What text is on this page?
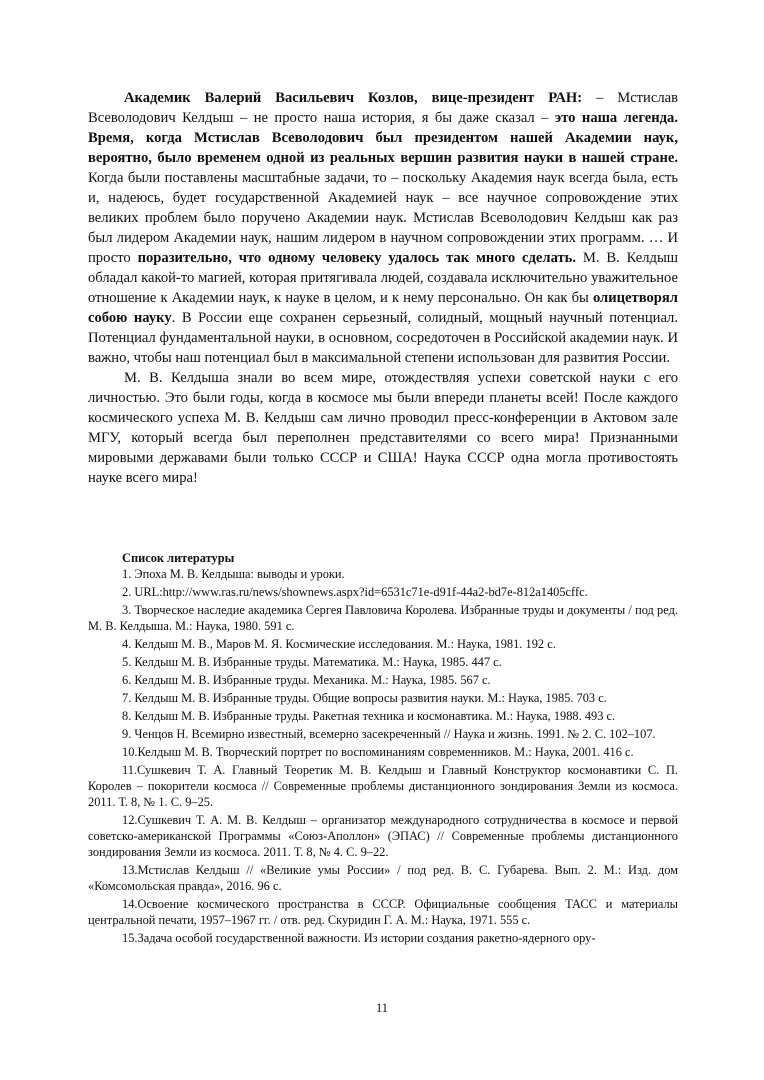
Академик Валерий Васильевич Козлов, вице-президент РАН: – Мстислав Всеволодович Келдыш – не просто наша история, я бы даже сказал – это наша легенда. Время, когда Мстислав Всеволодович был президентом нашей Академии наук, вероятно, было временем одной из реальных вершин развития науки в нашей стране. Когда были поставлены масштабные задачи, то – поскольку Академия наук всегда была, есть и, надеюсь, будет государственной Академией наук – все научное сопровождение этих великих проблем было поручено Академии наук. Мстислав Всеволодович Келдыш как раз был лидером Академии наук, нашим лидером в научном сопровождении этих программ. … И просто поразительно, что одному человеку удалось так много сделать. М. В. Келдыш обладал какой-то магией, которая притягивала людей, создавала исключительно уважительное отношение к Академии наук, к науке в целом, и к нему персонально. Он как бы олицетворял собою науку. В России еще сохранен серьезный, солидный, мощный научный потенциал. Потенциал фундаментальной науки, в основном, сосредоточен в Российской академии наук. И важно, чтобы наш потенциал был в максимальной степени использован для развития России.

М. В. Келдыша знали во всем мире, отождествляя успехи советской науки с его личностью. Это были годы, когда в космосе мы были впереди планеты всей! После каждого космического успеха М. В. Келдыш сам лично проводил пресс-конференции в Актовом зале МГУ, который всегда был переполнен представителями со всего мира! Признанными мировыми державами были только СССР и США! Наука СССР одна могла противостоять науке всего мира!

Список литературы
1. Эпоха М. В. Келдыша: выводы и уроки.
2. URL:http://www.ras.ru/news/shownews.aspx?id=6531c71e-d91f-44a2-bd7e-812a1405cffc.
3. Творческое наследие академика Сергея Павловича Королева. Избранные труды и документы / под ред. М. В. Келдыша. М.: Наука, 1980. 591 с.
4. Келдыш М. В., Маров М. Я. Космические исследования. М.: Наука, 1981. 192 с.
5. Келдыш М. В. Избранные труды. Математика. М.: Наука, 1985. 447 с.
6. Келдыш М. В. Избранные труды. Механика. М.: Наука, 1985. 567 с.
7. Келдыш М. В. Избранные труды. Общие вопросы развития науки. М.: Наука, 1985. 703 с.
8. Келдыш М. В. Избранные труды. Ракетная техника и космонавтика. М.: Наука, 1988. 493 с.
9. Ченцов Н. Всемирно известный, всемерно засекреченный // Наука и жизнь. 1991. № 2. С. 102–107.
10.Келдыш М. В. Творческий портрет по воспоминаниям современников. М.: Наука, 2001. 416 с.
11.Сушкевич Т. А. Главный Теоретик М. В. Келдыш и Главный Конструктор космонавтики С. П. Королев – покорители космоса // Современные проблемы дистанционного зондирования Земли из космоса. 2011. Т. 8, № 1. С. 9–25.
12.Сушкевич Т. А. М. В. Келдыш – организатор международного сотрудничества в космосе и первой советско-американской Программы «Союз-Аполлон» (ЭПАС) // Современные проблемы дистанционного зондирования Земли из космоса. 2011. Т. 8, № 4. С. 9–22.
13.Мстислав Келдыш // «Великие умы России» / под ред. В. С. Губарева. Вып. 2. М.: Изд. дом «Комсомольская правда», 2016. 96 с.
14.Освоение космического пространства в СССР. Официальные сообщения ТАСС и материалы центральной печати, 1957–1967 гг. / отв. ред. Скуридин Г. А. М.: Наука, 1971. 555 с.
15.Задача особой государственной важности. Из истории создания ракетно-ядерного ору-
11
